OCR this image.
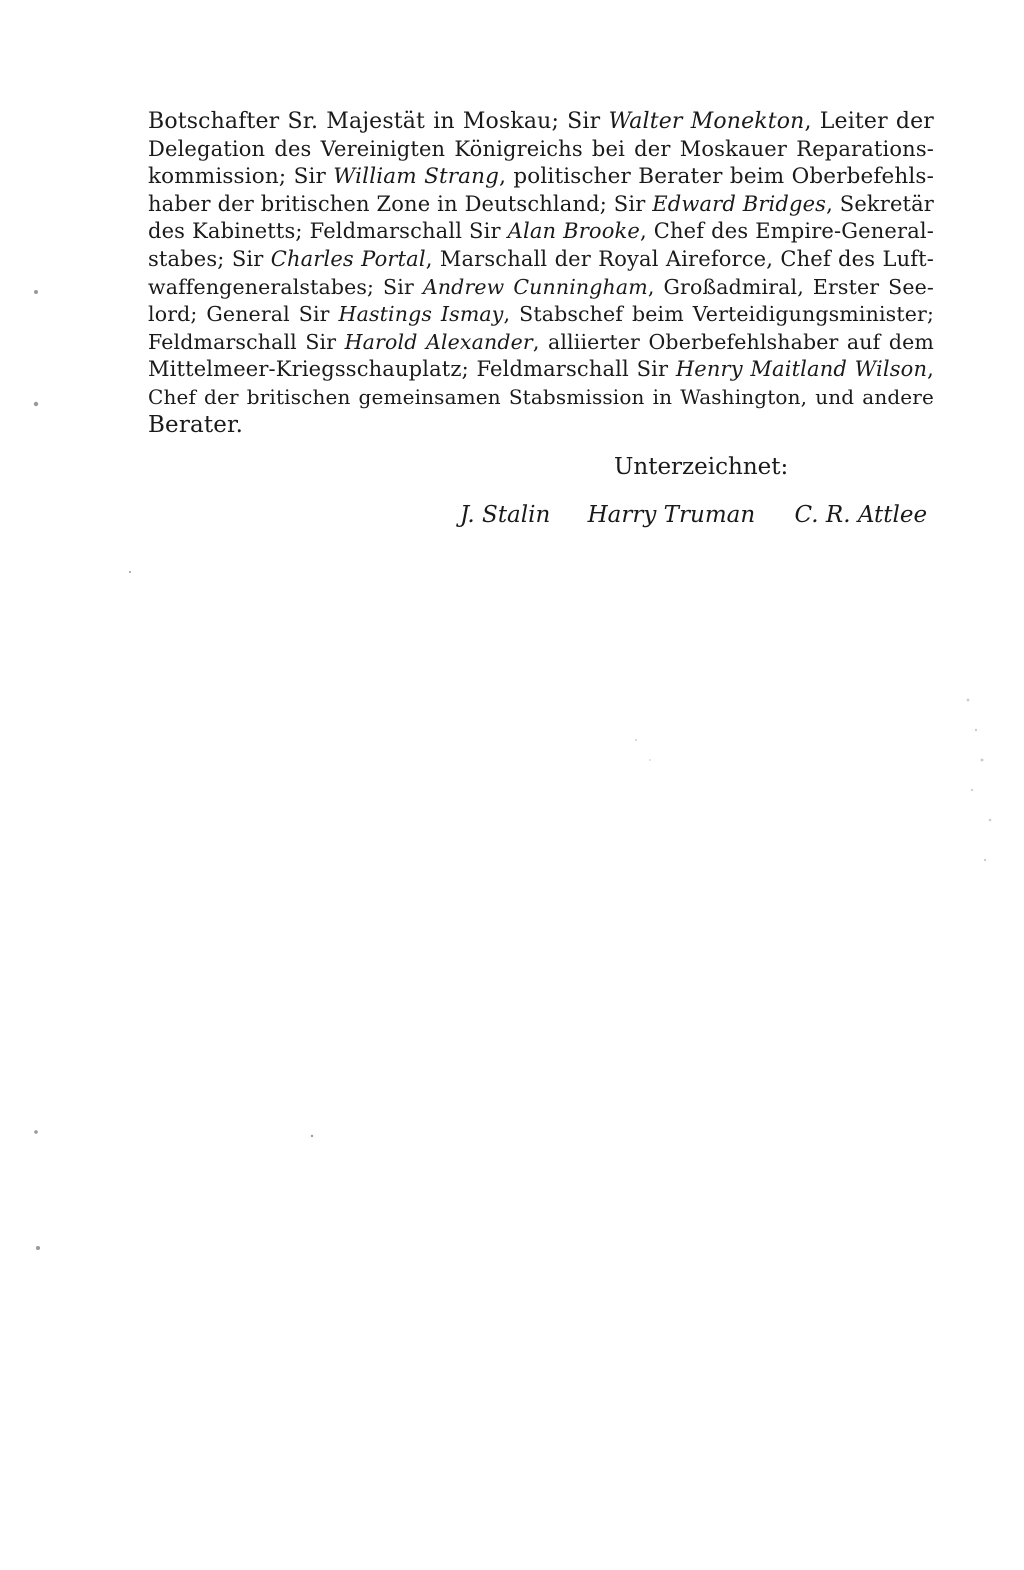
Botschafter Sr. Majestät in Moskau; Sir Walter Monekton, Leiter der
Delegation des Vereinigten Königreichs bei der Moskauer Reparations-
kommission; Sir William Strang, politischer Berater beim Oberbefehls-
haber der britischen Zone in Deutschland; Sir Edward Bridges, Sekretär
des Kabinetts; Feldmarschall Sir Alan Brooke, Chef des Empire-General-
stabes; Sir Charles Portal, Marschall der Royal Aireforce, Chef des Luft-
waffengeneralstabes; Sir Andrew Cunningham, Großadmiral, Erster See-
lord; General Sir Hastings Ismay, Stabschef beim Verteidigungsminister;
Feldmarschall Sir Harold Alexander, alliierter Oberbefehlshaber auf dem
Mittelmeer-Kriegsschauplatz; Feldmarschall Sir Henry Maitland Wilson,
Chef der britischen gemeinsamen Stabsmission in Washington, und andere
Berater.
Unterzeichnet:
J. Stalin Harry Truman C. R. Attlee
